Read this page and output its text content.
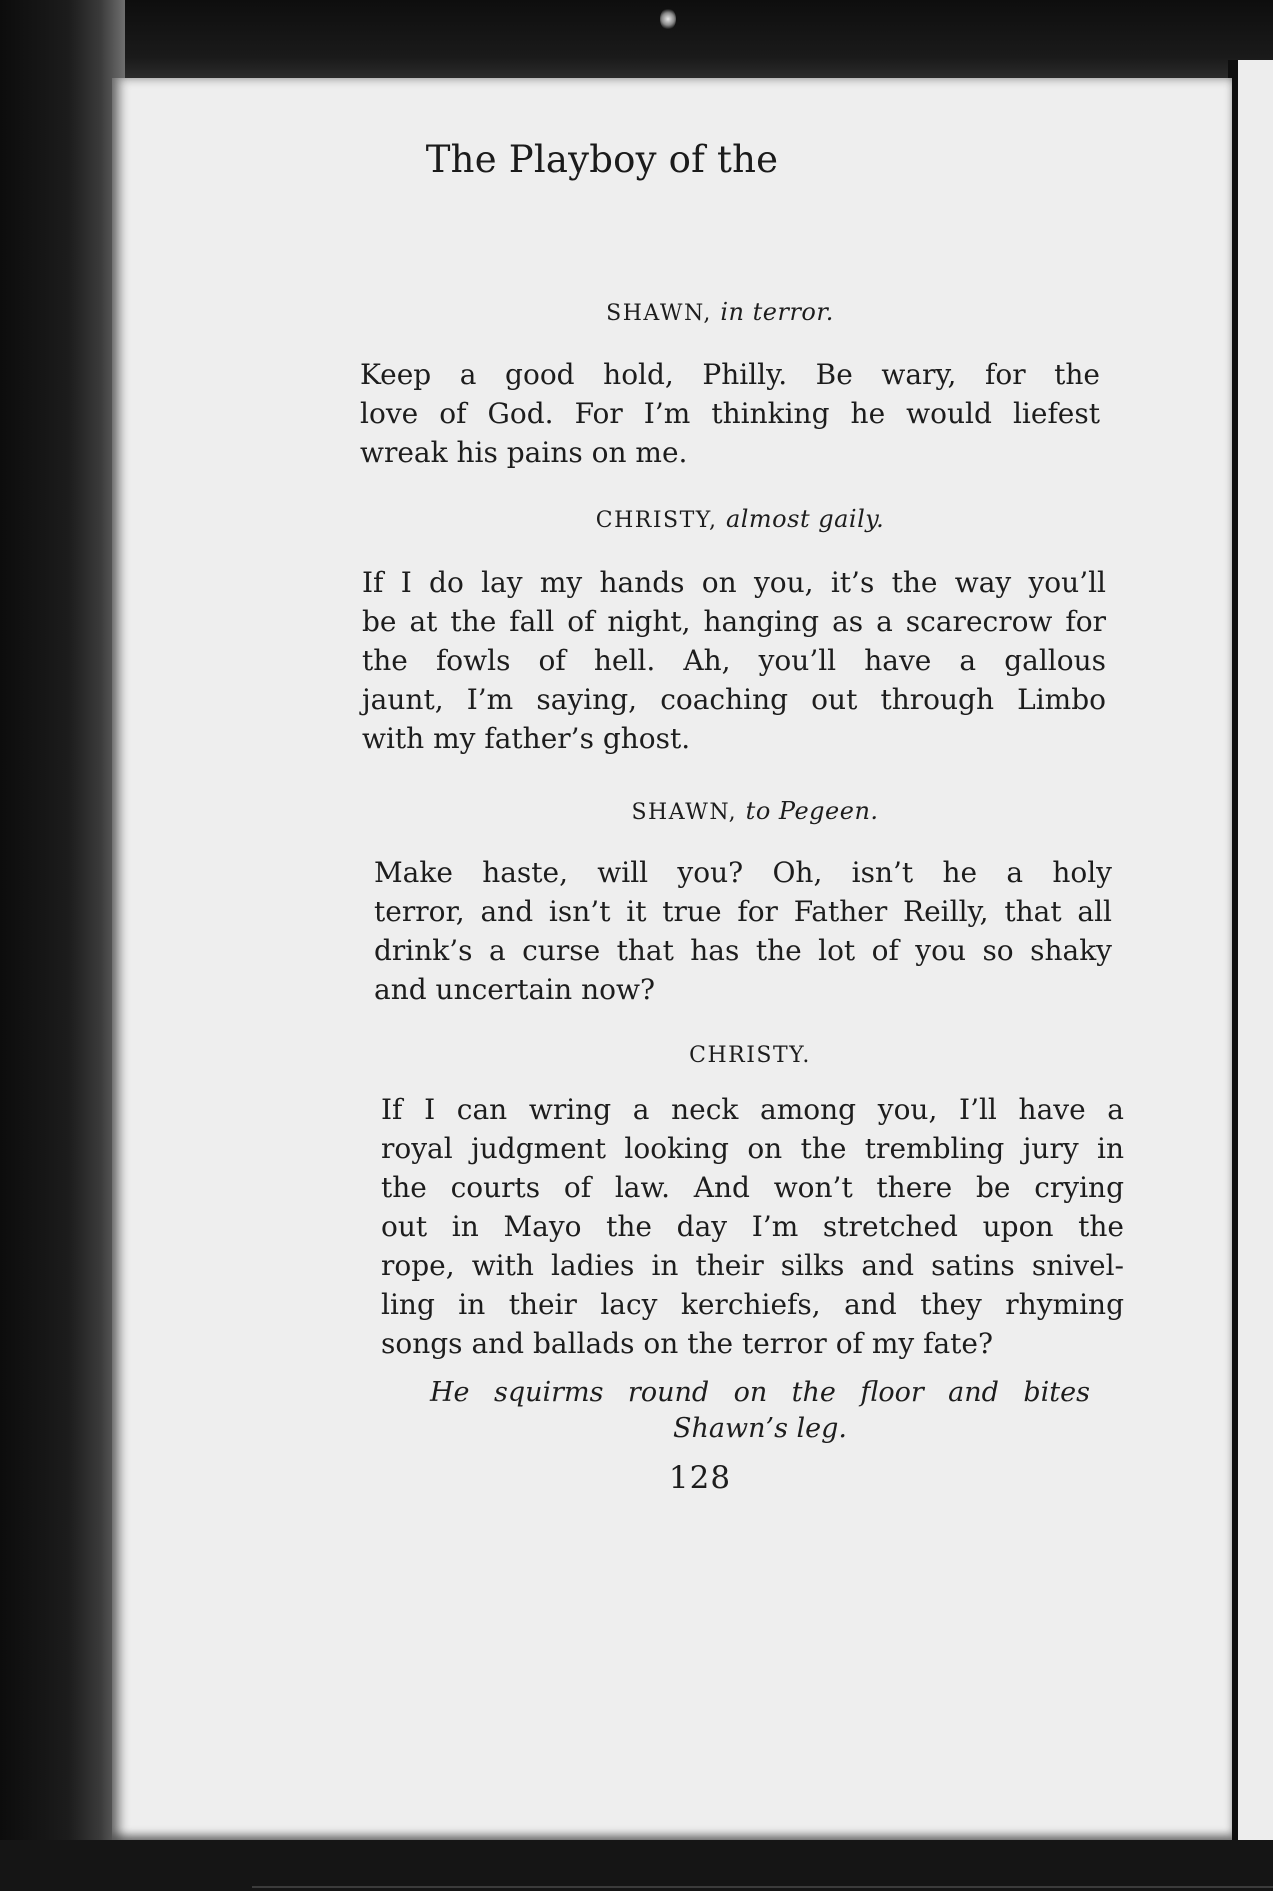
The Playboy of the

SHAWN, in terror.

Keep a good hold, Philly. Be wary, for the
love of God. For I’m thinking he would liefest
wreak his pains on me.

CHRISTY, almost gaily.

If I do lay my hands on you, it’s the way you’ll
be at the fall of night, hanging as a scarecrow for
the fowls of hell. Ah, you’ll have a gallous
jaunt, I’m saying, coaching out through Limbo
with my father’s ghost.

SHAWN, to Pegeen.

Make haste, will you? Oh, isn’t he a holy
terror, and isn’t it true for Father Reilly, that all
drink’s a curse that has the lot of you so shaky
and uncertain now?

CHRISTY.

If I can wring a neck among you, I’ll have a
royal judgment looking on the trembling jury in
the courts of law. And won’t there be crying
out in Mayo the day I’m stretched upon the
rope, with ladies in their silks and satins snivel-
ling in their lacy kerchiefs, and they rhyming
songs and ballads on the terror of my fate?
He squirms round on the floor and bites
Shawn’s leg.

128
